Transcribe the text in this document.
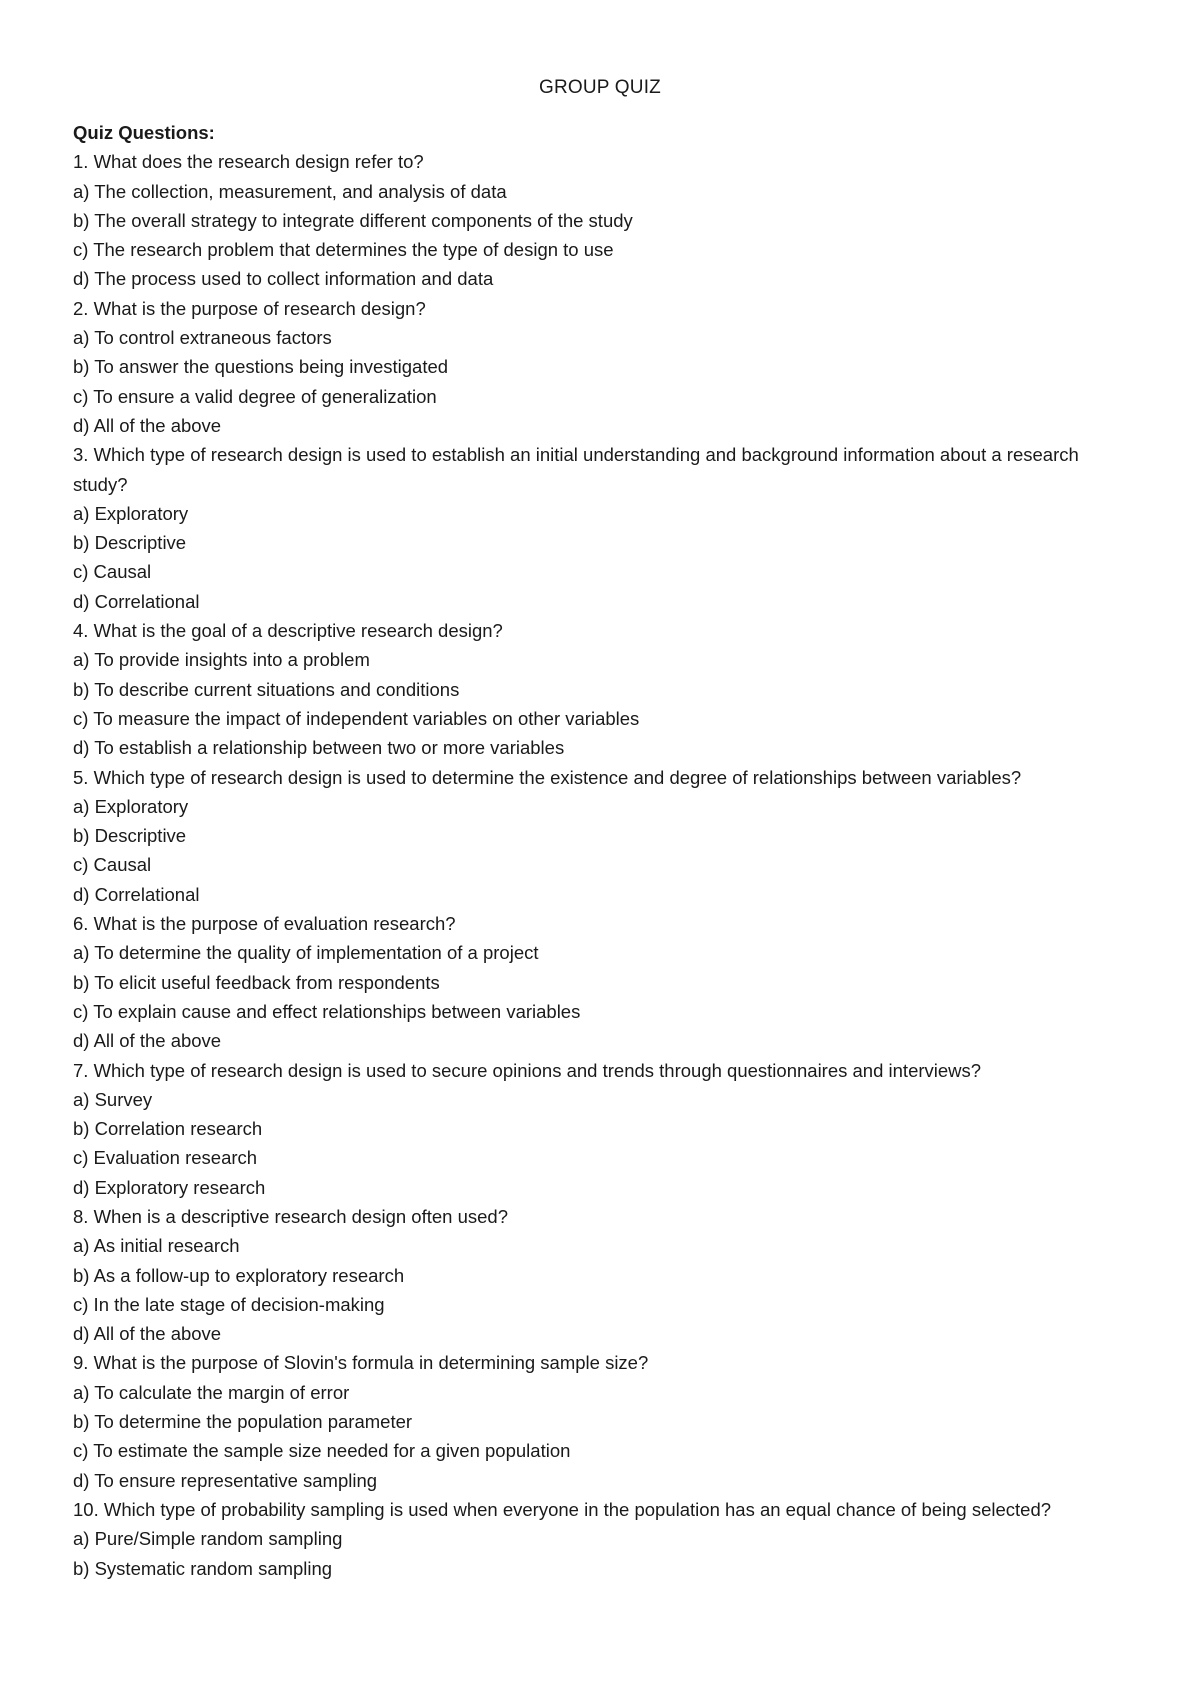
GROUP QUIZ

Quiz Questions:

1. What does the research design refer to?

a) The collection, measurement, and analysis of data

b) The overall strategy to integrate different components of the study

c) The research problem that determines the type of design to use

d) The process used to collect information and data

2. What is the purpose of research design?

a) To control extraneous factors

b) To answer the questions being investigated

c) To ensure a valid degree of generalization

d) All of the above

3. Which type of research design is used to establish an initial understanding and background information about a research study?

a) Exploratory

b) Descriptive

c) Causal

d) Correlational

4. What is the goal of a descriptive research design?

a) To provide insights into a problem

b) To describe current situations and conditions

c) To measure the impact of independent variables on other variables

d) To establish a relationship between two or more variables

5. Which type of research design is used to determine the existence and degree of relationships between variables?

a) Exploratory

b) Descriptive

c) Causal

d) Correlational

6. What is the purpose of evaluation research?

a) To determine the quality of implementation of a project

b) To elicit useful feedback from respondents

c) To explain cause and effect relationships between variables

d) All of the above

7. Which type of research design is used to secure opinions and trends through questionnaires and interviews?

a) Survey

b) Correlation research

c) Evaluation research

d) Exploratory research

8. When is a descriptive research design often used?

a) As initial research

b) As a follow-up to exploratory research

c) In the late stage of decision-making

d) All of the above

9. What is the purpose of Slovin's formula in determining sample size?

a) To calculate the margin of error

b) To determine the population parameter

c) To estimate the sample size needed for a given population

d) To ensure representative sampling

10. Which type of probability sampling is used when everyone in the population has an equal chance of being selected?

a) Pure/Simple random sampling

b) Systematic random sampling
